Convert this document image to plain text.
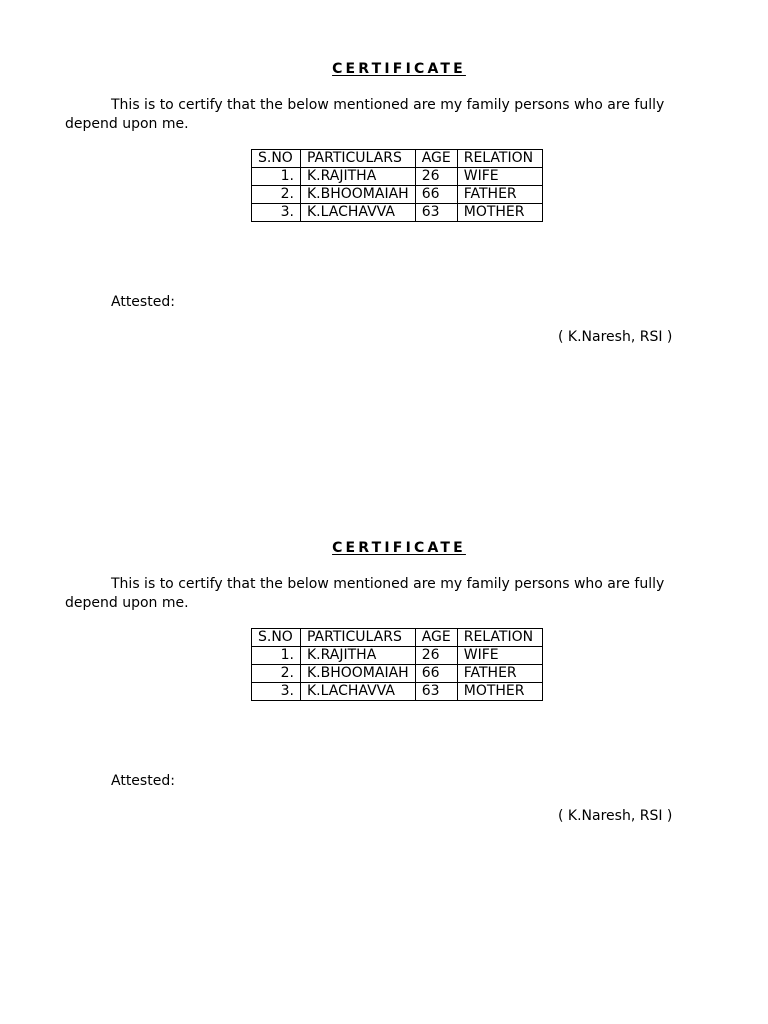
CERTIFICATE

This is to certify that the below mentioned are my family persons who are fully depend upon me.

S.NO	PARTICULARS	AGE	RELATION
1.	K.RAJITHA	26	WIFE
2.	K.BHOOMAIAH	66	FATHER
3.	K.LACHAVVA	63	MOTHER
Attested:
( K.Naresh, RSI )
CERTIFICATE

This is to certify that the below mentioned are my family persons who are fully depend upon me.

S.NO	PARTICULARS	AGE	RELATION
1.	K.RAJITHA	26	WIFE
2.	K.BHOOMAIAH	66	FATHER
3.	K.LACHAVVA	63	MOTHER
Attested:
( K.Naresh, RSI )
